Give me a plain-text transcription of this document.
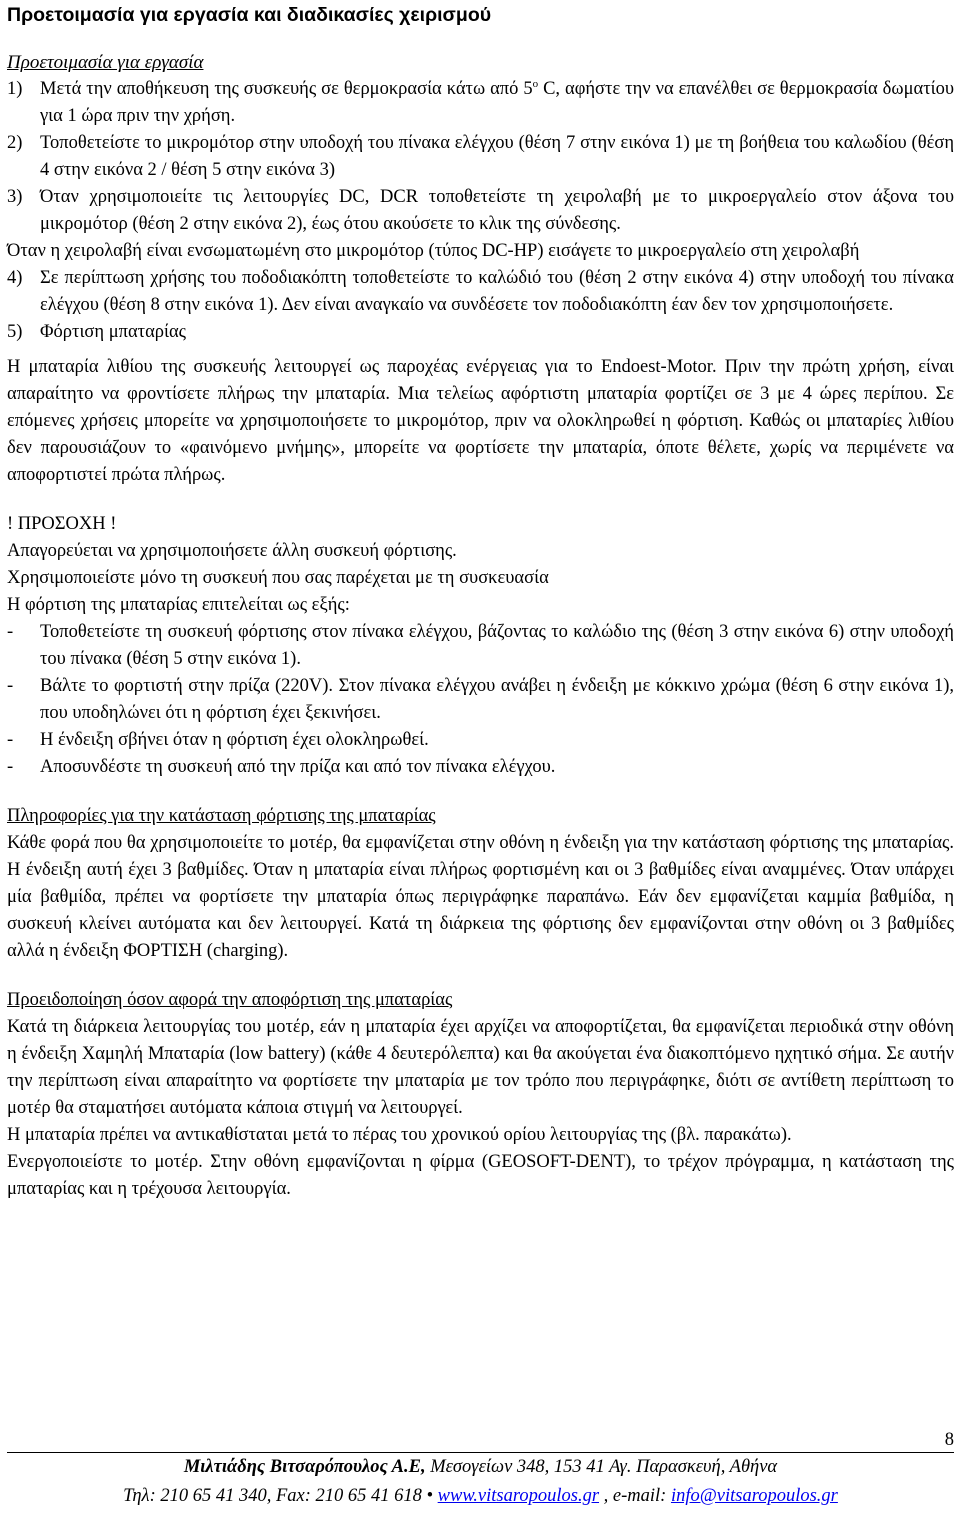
Προετοιμασία για εργασία και διαδικασίες χειρισμού

Προετοιμασία για εργασία

1) Μετά την αποθήκευση της συσκευής σε θερμοκρασία κάτω από $5^o$ C, αφήστε την να επανέλθει σε θερμοκρασία δωματίου για 1 ώρα πριν την χρήση.
2) Τοποθετείστε το μικρομότορ στην υποδοχή του πίνακα ελέγχου (θέση 7 στην εικόνα 1) με τη βοήθεια του καλωδίου (θέση 4 στην εικόνα 2 / θέση 5 στην εικόνα 3)
3) Όταν χρησιμοποιείτε τις λειτουργίες DC, DCR τοποθετείστε τη χειρολαβή με το μικροεργαλείο στον άξονα του μικρομότορ (θέση 2 στην εικόνα 2), έως ότου ακούσετε το κλικ της σύνδεσης.

Όταν η χειρολαβή είναι ενσωματωμένη στο μικρομότορ (τύπος DC-HP) εισάγετε το μικροεργαλείο στη χειρολαβή

4) Σε περίπτωση χρήσης του ποδοδιακόπτη τοποθετείστε το καλώδιό του (θέση 2 στην εικόνα 4) στην υποδοχή του πίνακα ελέγχου (θέση 8 στην εικόνα 1). Δεν είναι αναγκαίο να συνδέσετε τον ποδοδιακόπτη έαν δεν τον χρησιμοποιήσετε.
5) Φόρτιση μπαταρίας

Η μπαταρία λιθίου της συσκευής λειτουργεί ως παροχέας ενέργειας για το Endoest-Motor. Πριν την πρώτη χρήση, είναι απαραίτητο να φροντίσετε πλήρως την μπαταρία. Μια τελείως αφόρτιστη μπαταρία φορτίζει σε 3 με 4 ώρες περίπου. Σε επόμενες χρήσεις μπορείτε να χρησιμοποιήσετε το μικρομότορ, πριν να ολοκληρωθεί η φόρτιση. Καθώς οι μπαταρίες λιθίου δεν παρουσιάζουν το «φαινόμενο μνήμης», μπορείτε να φορτίσετε την μπαταρία, όποτε θέλετε, χωρίς να περιμένετε να αποφορτιστεί πρώτα πλήρως.

! ΠΡΟΣΟΧΗ !

Απαγορεύεται να χρησιμοποιήσετε άλλη συσκευή φόρτισης.

Χρησιμοποιείστε μόνο τη συσκευή που σας παρέχεται με τη συσκευασία

Η φόρτιση της μπαταρίας επιτελείται ως εξής:

-	Τοποθετείστε τη συσκευή φόρτισης στον πίνακα ελέγχου, βάζοντας το καλώδιο της (θέση 3 στην εικόνα 6) στην υποδοχή του πίνακα (θέση 5 στην εικόνα 1).
-	Βάλτε το φορτιστή στην πρίζα (220V). Στον πίνακα ελέγχου ανάβει η ένδειξη με κόκκινο χρώμα (θέση 6 στην εικόνα 1), που υποδηλώνει ότι η φόρτιση έχει ξεκινήσει.
-	Η ένδειξη σβήνει όταν η φόρτιση έχει ολοκληρωθεί.
-	Αποσυνδέστε τη συσκευή από την πρίζα και από τον πίνακα ελέγχου.

Πληροφορίες για την κατάσταση φόρτισης της μπαταρίας

Κάθε φορά που θα χρησιμοποιείτε το μοτέρ, θα εμφανίζεται στην οθόνη η ένδειξη για την κατάσταση φόρτισης της μπαταρίας. Η ένδειξη αυτή έχει 3 βαθμίδες. Όταν η μπαταρία είναι πλήρως φορτισμένη και οι 3 βαθμίδες είναι αναμμένες. Όταν υπάρχει μία βαθμίδα, πρέπει να φορτίσετε την μπαταρία όπως περιγράφηκε παραπάνω. Εάν δεν εμφανίζεται καμμία βαθμίδα, η συσκευή κλείνει αυτόματα και δεν λειτουργεί. Κατά τη διάρκεια της φόρτισης δεν εμφανίζονται στην οθόνη οι 3 βαθμίδες αλλά η ένδειξη ΦΟΡΤΙΣΗ (charging).

Προειδοποίηση όσον αφορά την αποφόρτιση της μπαταρίας

Κατά τη διάρκεια λειτουργίας του μοτέρ, εάν η μπαταρία έχει αρχίζει να αποφορτίζεται, θα εμφανίζεται περιοδικά στην οθόνη η ένδειξη Χαμηλή Μπαταρία (low battery) (κάθε 4 δευτερόλεπτα) και θα ακούγεται ένα διακοπτόμενο ηχητικό σήμα. Σε αυτήν την περίπτωση είναι απαραίτητο να φορτίσετε την μπαταρία με τον τρόπο που περιγράφηκε, διότι σε αντίθετη περίπτωση το μοτέρ θα σταματήσει αυτόματα κάποια στιγμή να λειτουργεί.

Η μπαταρία πρέπει να αντικαθίσταται μετά το πέρας του χρονικού ορίου λειτουργίας της (βλ. παρακάτω).

Ενεργοποιείστε το μοτέρ. Στην οθόνη εμφανίζονται η φίρμα (GEOSOFT-DENT), το τρέχον πρόγραμμα, η κατάσταση της μπαταρίας και η τρέχουσα λειτουργία.

8
Μιλτιάδης Βιτσαρόπουλος Α.Ε, Μεσογείων 348, 153 41 Αγ. Παρασκευή, Αθήνα
Τηλ: 210 65 41 340, Fax: 210 65 41 618 • www.vitsaropoulos.gr , e-mail: info@vitsaropoulos.gr
